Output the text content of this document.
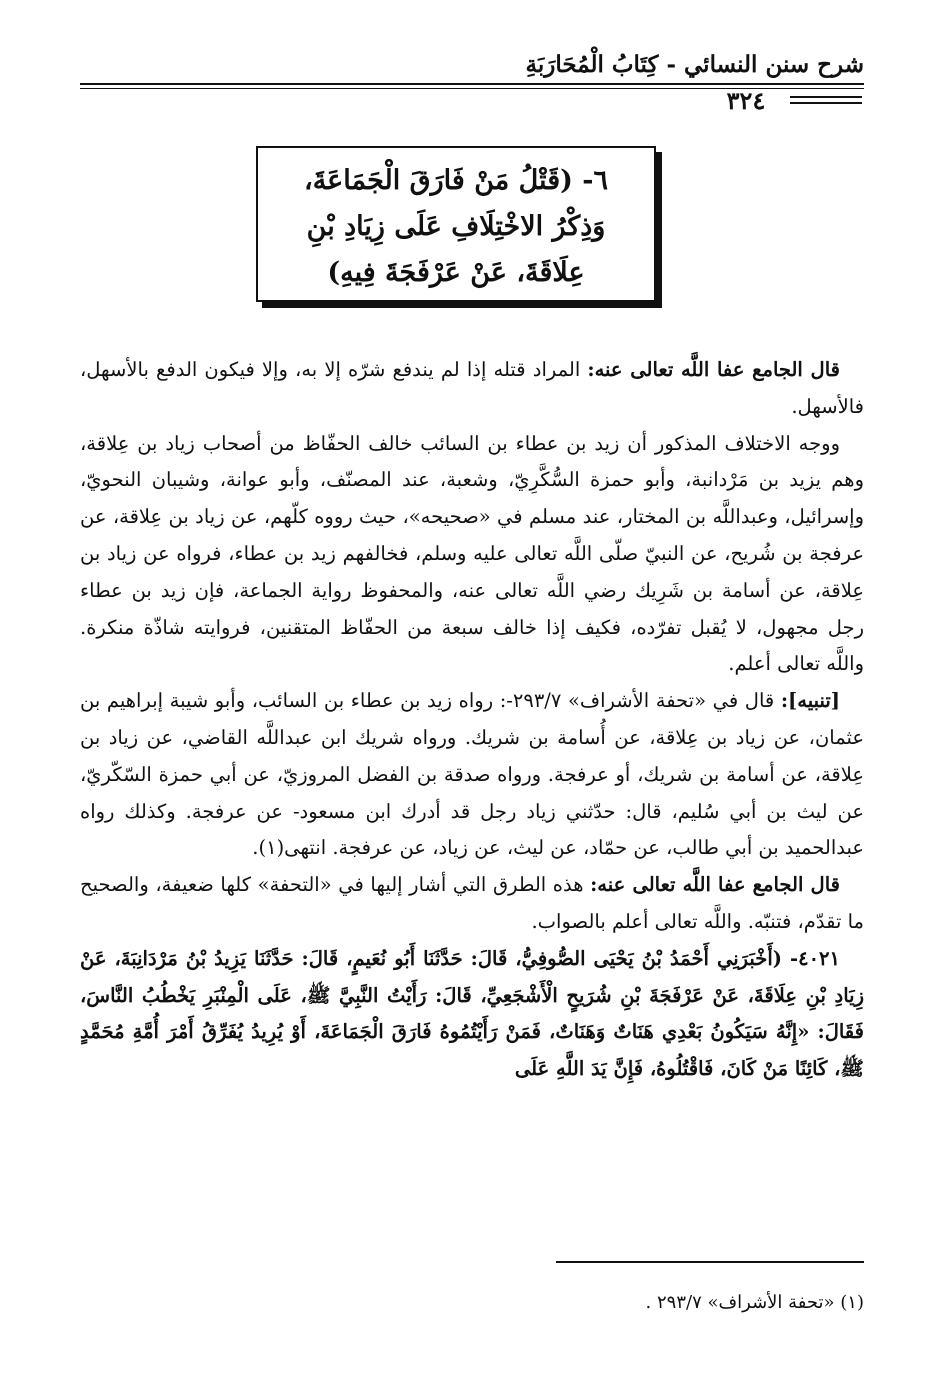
شرح سنن النسائي - كِتَابُ الْمُحَارَبَةِ
٣٢٤
٦- (قَتْلُ مَنْ فَارَقَ الْجَمَاعَةَ، وَذِكْرُ الاخْتِلَافِ عَلَى زِيَادِ بْنِ عِلَاقَةَ، عَنْ عَرْفَجَةَ فِيهِ)

قال الجامع عفا اللَّه تعالى عنه: المراد قتله إذا لم يندفع شرّه إلا به، وإلا فيكون الدفع بالأسهل، فالأسهل.

ووجه الاختلاف المذكور أن زيد بن عطاء بن السائب خالف الحفّاظ من أصحاب زياد بن عِلاقة، وهم يزيد بن مَرْدانبة، وأبو حمزة السُّكَّرِيّ، وشعبة، عند المصنّف، وأبو عوانة، وشيبان النحويّ، وإسرائيل، وعبداللَّه بن المختار، عند مسلم في «صحيحه»، حيث رووه كلّهم، عن زياد بن عِلاقة، عن عرفجة بن شُريح، عن النبيّ صلّى اللَّه تعالى عليه وسلم، فخالفهم زيد بن عطاء، فرواه عن زياد بن عِلاقة، عن أسامة بن شَرِيك رضي اللَّه تعالى عنه، والمحفوظ رواية الجماعة، فإن زيد بن عطاء رجل مجهول، لا يُقبل تفرّده، فكيف إذا خالف سبعة من الحفّاظ المتقنين، فروايته شاذّة منكرة. واللَّه تعالى أعلم.

[تنبيه]: قال في «تحفة الأشراف» ٢٩٣/٧-: رواه زيد بن عطاء بن السائب، وأبو شيبة إبراهيم بن عثمان، عن زياد بن عِلاقة، عن أُسامة بن شريك. ورواه شريك ابن عبداللَّه القاضي، عن زياد بن عِلاقة، عن أسامة بن شريك، أو عرفجة. ورواه صدقة بن الفضل المروزيّ، عن أبي حمزة السّكّريّ، عن ليث بن أبي سُليم، قال: حدّثني زياد رجل قد أدرك ابن مسعود- عن عرفجة. وكذلك رواه عبدالحميد بن أبي طالب، عن حمّاد، عن ليث، عن زياد، عن عرفجة. انتهى(١).

قال الجامع عفا اللَّه تعالى عنه: هذه الطرق التي أشار إليها في «التحفة» كلها ضعيفة، والصحيح ما تقدّم، فتنبّه. واللَّه تعالى أعلم بالصواب.

٤٠٢١- (أَخْبَرَنِي أَحْمَدُ بْنُ يَحْيَى الصُّوفِيُّ، قَالَ: حَدَّثَنَا أَبُو نُعَيمٍ، قَالَ: حَدَّثَنَا يَزِيدُ بْنُ مَرْدَانِبَةَ، عَنْ زِيَادِ بْنِ عِلَاقَةَ، عَنْ عَرْفَجَةَ بْنِ شُرَيحٍ الْأَشْجَعِيِّ، قَالَ: رَأَيْتُ النَّبِيَّ ﷺ، عَلَى الْمِنْبَرِ يَخْطُبُ النَّاسَ، فَقَالَ: «إِنَّهُ سَيَكُونُ بَعْدِي هَنَاتٌ وَهَنَاتٌ، فَمَنْ رَأَيْتُمُوهُ فَارَقَ الْجَمَاعَةَ، أَوْ يُرِيدُ يُفَرِّقُ أَمْرَ أُمَّةِ مُحَمَّدٍ ﷺ، كَائِنًا مَنْ كَانَ، فَاقْتُلُوهُ، فَإِنَّ يَدَ اللَّهِ عَلَى

(١) «تحفة الأشراف» ٢٩٣/٧ .
